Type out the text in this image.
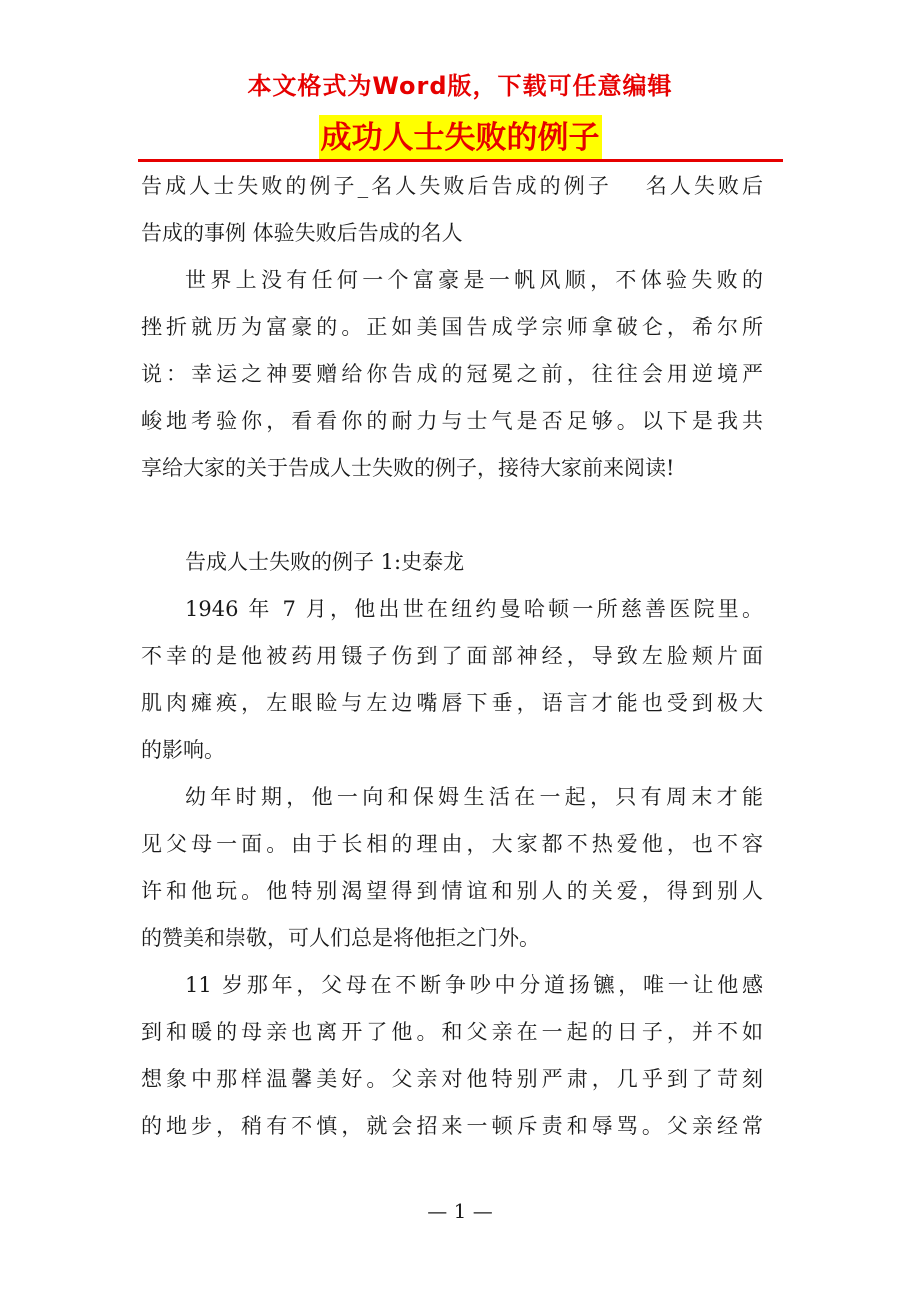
本文格式为Word版，下载可任意编辑
成功人士失败的例子
告成人士失败的例子_名人失败后告成的例子　 名人失败后
告成的事例 体验失败后告成的名人
世界上没有任何一个富豪是一帆风顺，不体验失败的
挫折就历为富豪的。正如美国告成学宗师拿破仑，希尔所
说：幸运之神要赠给你告成的冠冕之前，往往会用逆境严
峻地考验你，看看你的耐力与士气是否足够。以下是我共
享给大家的关于告成人士失败的例子，接待大家前来阅读!
告成人士失败的例子 1:史泰龙
1946 年 7 月，他出世在纽约曼哈顿一所慈善医院里。
不幸的是他被药用镊子伤到了面部神经，导致左脸颊片面
肌肉瘫痪，左眼睑与左边嘴唇下垂，语言才能也受到极大
的影响。
幼年时期，他一向和保姆生活在一起，只有周末才能
见父母一面。由于长相的理由，大家都不热爱他，也不容
许和他玩。他特别渴望得到情谊和别人的关爱，得到别人
的赞美和崇敬，可人们总是将他拒之门外。
11 岁那年，父母在不断争吵中分道扬镳，唯一让他感
到和暖的母亲也离开了他。和父亲在一起的日子，并不如
想象中那样温馨美好。父亲对他特别严肃，几乎到了苛刻
的地步，稍有不慎，就会招来一顿斥责和辱骂。父亲经常
— 1 —
